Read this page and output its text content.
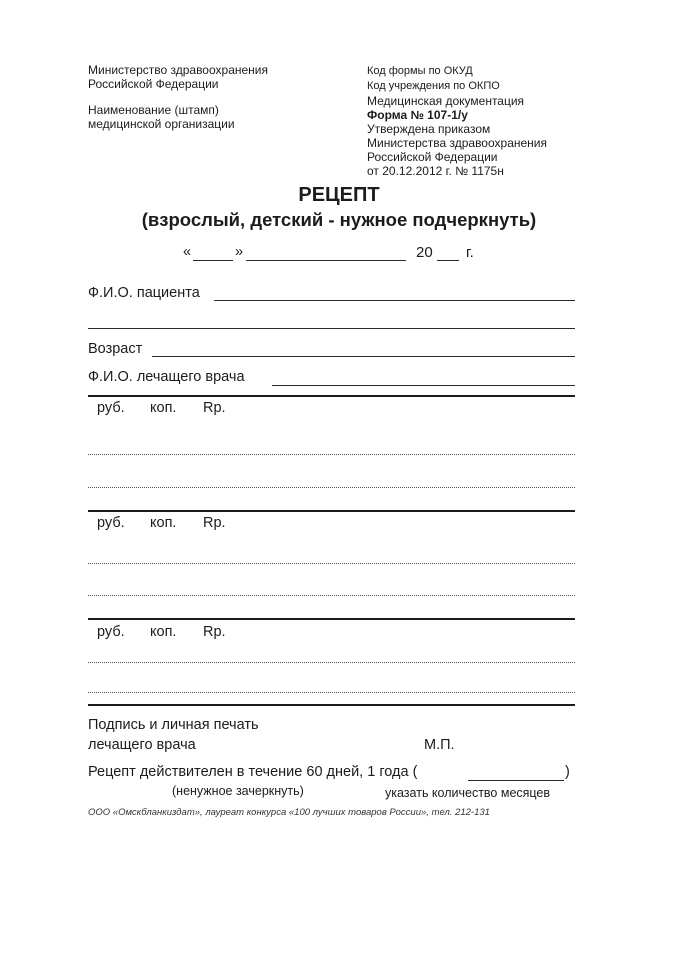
Министерство здравоохранения
Российской Федерации
Наименование (штамп)
медицинской организации
Код формы по ОКУД
Код учреждения по ОКПО
Медицинская документация
Форма № 107-1/у
Утверждена приказом
Министерства здравоохранения
Российской Федерации
от 20.12.2012 г. № 1175н
РЕЦЕПТ
(взрослый, детский - нужное подчеркнуть)
«	»	20 г.
Ф.И.О. пациента
Возраст
Ф.И.О. лечащего врача
руб. коп. Rp.
руб. коп. Rp.
руб. коп. Rp.
Подпись и личная печать
лечащего врача	М.П.
Рецепт действителен в течение 60 дней, 1 года (	)
(ненужное зачеркнуть)	указать количество месяцев
ООО «Омскбланкиздат», лауреат конкурса «100 лучших товаров России», тел. 212-131
